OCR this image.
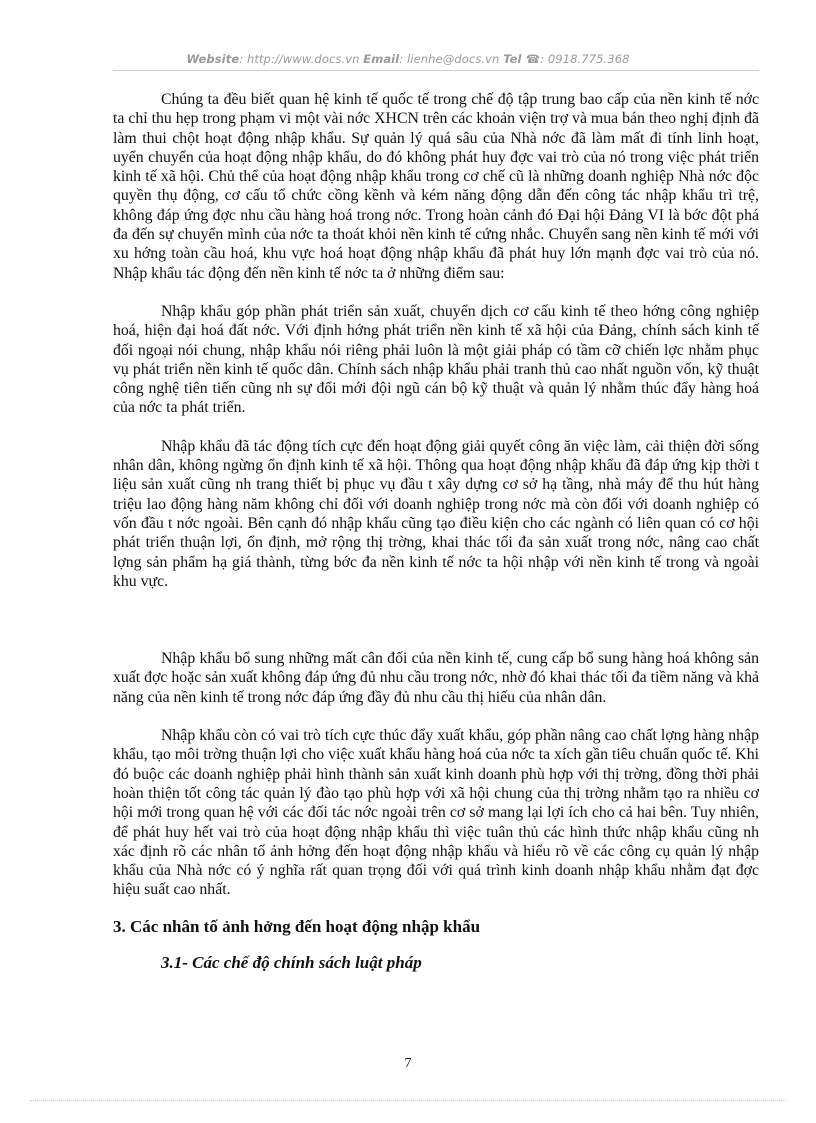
Website: http://www.docs.vn Email: lienhe@docs.vn Tel ☎: 0918.775.368

Chúng ta đều biết quan hệ kinh tế quốc tế trong chế độ tập trung bao cấp của nền kinh tế nớc ta chỉ thu hẹp trong phạm vi một vài nớc XHCN trên các khoản viện trợ và mua bán theo nghị định đã làm thui chột hoạt động nhập khẩu. Sự quản lý quá sâu của Nhà nớc đã làm mất đi tính linh hoạt, uyển chuyển của hoạt động nhập khẩu, do đó không phát huy đợc vai trò của nó trong việc phát triển kinh tế xã hội. Chủ thể của hoạt động nhập khẩu trong cơ chế cũ là những doanh nghiệp Nhà nớc độc quyền thụ động, cơ cấu tổ chức cồng kềnh và kém năng động dẫn đến công tác nhập khẩu trì trệ, không đáp ứng đợc nhu cầu hàng hoá trong nớc. Trong hoàn cảnh đó Đại hội Đảng VI là bớc đột phá đa đến sự chuyển mình của nớc ta thoát khỏi nền kinh tế cứng nhắc. Chuyển sang nền kinh tế mới với xu hớng toàn cầu hoá, khu vực hoá hoạt động nhập khẩu đã phát huy lớn mạnh đợc vai trò của nó. Nhập khẩu tác động đến nền kinh tế nớc ta ở những điểm sau:

Nhập khẩu góp phần phát triển sản xuất, chuyển dịch cơ cấu kinh tế theo hớng công nghiệp hoá, hiện đại hoá đất nớc. Với định hớng phát triển nền kinh tế xã hội của Đảng, chính sách kinh tế đối ngoại nói chung, nhập khẩu nói riêng phải luôn là một giải pháp có tầm cỡ chiến lợc nhằm phục vụ phát triển nền kinh tế quốc dân. Chính sách nhập khẩu phải tranh thủ cao nhất nguồn vốn, kỹ thuật công nghệ tiên tiến cũng nh sự đổi mới đội ngũ cán bộ kỹ thuật và quản lý nhằm thúc đẩy hàng hoá của nớc ta phát triển.

Nhập khẩu đã tác động tích cực đến hoạt động giải quyết công ăn việc làm, cải thiện đời sống nhân dân, không ngừng ổn định kinh tế xã hội. Thông qua hoạt động nhập khẩu đã đáp ứng kịp thời t liệu sản xuất cũng nh trang thiết bị phục vụ đầu t xây dựng cơ sở hạ tầng, nhà máy để thu hút hàng triệu lao động hàng năm không chỉ đối với doanh nghiệp trong nớc mà còn đối với doanh nghiệp có vốn đầu t nớc ngoài. Bên cạnh đó nhập khẩu cũng tạo điều kiện cho các ngành có liên quan có cơ hội phát triển thuận lợi, ổn định, mở rộng thị trờng, khai thác tối đa sản xuất trong nớc, nâng cao chất lợng sản phẩm hạ giá thành, từng bớc đa nền kinh tế nớc ta hội nhập với nền kinh tế trong và ngoài khu vực.

Nhập khẩu bổ sung những mất cân đối của nền kinh tế, cung cấp bổ sung hàng hoá không sản xuất đợc hoặc sản xuất không đáp ứng đủ nhu cầu trong nớc, nhờ đó khai thác tối đa tiềm năng và khả năng của nền kinh tế trong nớc đáp ứng đầy đủ nhu cầu thị hiếu của nhân dân.

Nhập khẩu còn có vai trò tích cực thúc đẩy xuất khẩu, góp phần nâng cao chất lợng hàng nhập khẩu, tạo môi trờng thuận lợi cho việc xuất khẩu hàng hoá của nớc ta xích gần tiêu chuẩn quốc tế. Khi đó buộc các doanh nghiệp phải hình thành sản xuất kinh doanh phù hợp với thị trờng, đồng thời phải hoàn thiện tốt công tác quản lý đào tạo phù hợp với xã hội chung của thị trờng nhằm tạo ra nhiều cơ hội mới trong quan hệ với các đối tác nớc ngoài trên cơ sở mang lại lợi ích cho cả hai bên. Tuy nhiên, để phát huy hết vai trò của hoạt động nhập khẩu thì việc tuân thủ các hình thức nhập khẩu cũng nh xác định rõ các nhân tố ảnh hởng đến hoạt động nhập khẩu và hiểu rõ về các công cụ quản lý nhập khẩu của Nhà nớc có ý nghĩa rất quan trọng đối với quá trình kinh doanh nhập khẩu nhằm đạt đợc hiệu suất cao nhất.

3. Các nhân tố ảnh hởng đến hoạt động nhập khẩu
3.1- Các chế độ chính sách luật pháp
7
